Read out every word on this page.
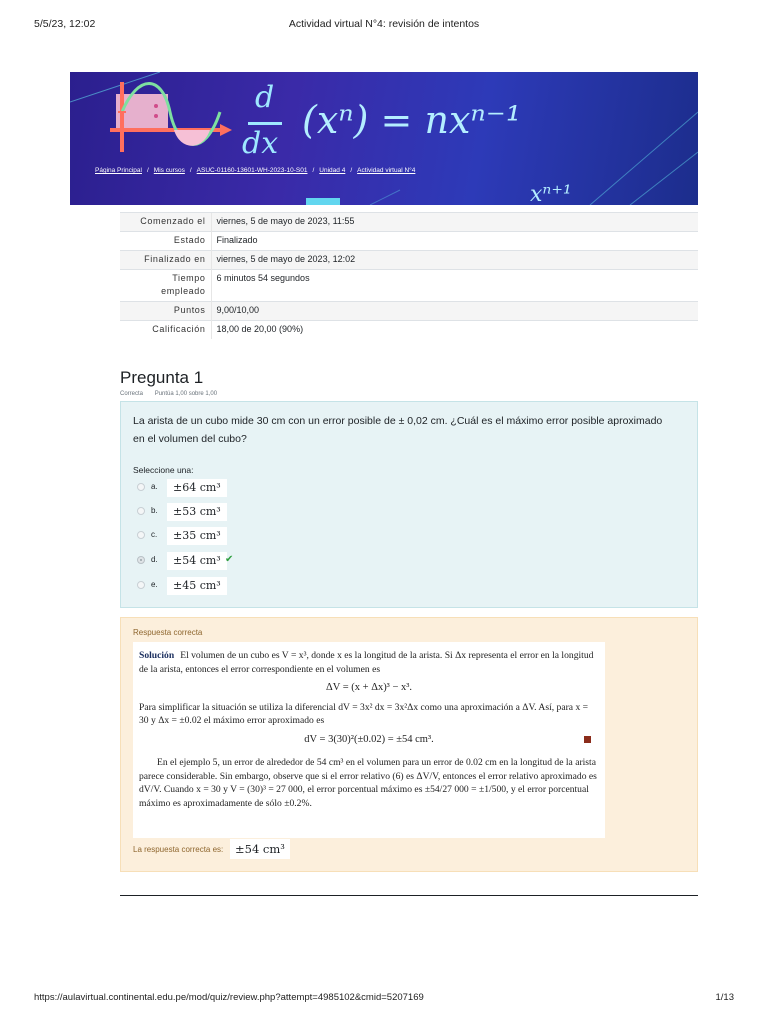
5/5/23, 12:02	Actividad virtual N°4: revisión de intentos
d
dx
(xⁿ) = nxⁿ⁻¹
xⁿ⁺¹
Página Principal / Mis cursos / ASUC-01160-13601-WH-2023-10-S01 / Unidad 4 / Actividad virtual N°4
Comenzado el	viernes, 5 de mayo de 2023, 11:55
Estado	Finalizado
Finalizado en	viernes, 5 de mayo de 2023, 12:02
Tiempo empleado	6 minutos 54 segundos
Puntos	9,00/10,00
Calificación	18,00 de 20,00 (90%)
Pregunta 1
Correcta Puntúa 1,00 sobre 1,00
La arista de un cubo mide 30 cm con un error posible de ± 0,02 cm. ¿Cuál es el máximo error posible aproximado en el volumen del cubo?
Seleccione una:
a.	±64 cm³
b.	±53 cm³
c.	±35 cm³
d.	±54 cm³ ✔
e.	±45 cm³
Respuesta correcta

Solución El volumen de un cubo es V = x³, donde x es la longitud de la arista. Si Δx representa el error en la longitud de la arista, entonces el error correspondiente en el volumen es

ΔV = (x + Δx)³ − x³.

Para simplificar la situación se utiliza la diferencial dV = 3x² dx = 3x²Δx como una aproximación a ΔV. Así, para x = 30 y Δx = ±0.02 el máximo error aproximado es

dV = 3(30)²(±0.02) = ±54 cm³.

En el ejemplo 5, un error de alrededor de 54 cm³ en el volumen para un error de 0.02 cm en la longitud de la arista parece considerable. Sin embargo, observe que si el error relativo (6) es ΔV/V, entonces el error relativo aproximado es dV/V. Cuando x = 30 y V = (30)³ = 27 000, el error porcentual máximo es ±54/27 000 = ±1/500, y el error porcentual máximo es aproximadamente de sólo ±0.2%.

La respuesta correcta es:	±54 cm³
https://aulavirtual.continental.edu.pe/mod/quiz/review.php?attempt=4985102&cmid=5207169	1/13
